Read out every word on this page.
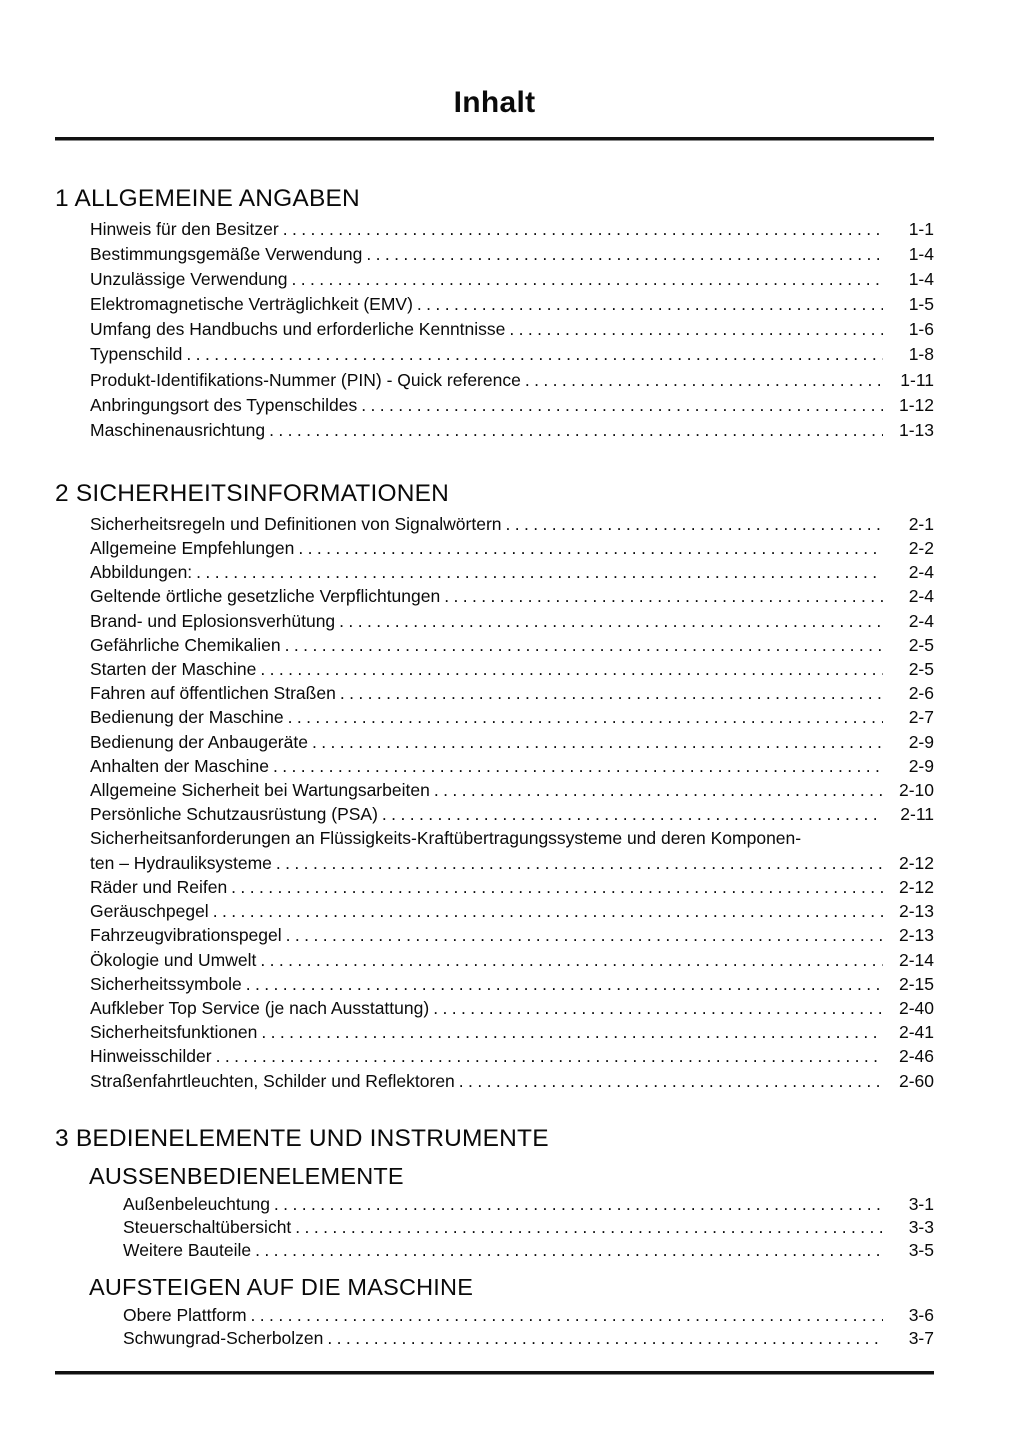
Inhalt
1 ALLGEMEINE ANGABEN
Hinweis für den Besitzer .....	1-1
Bestimmungsgemäße Verwendung .....	1-4
Unzulässige Verwendung .....	1-4
Elektromagnetische Verträglichkeit (EMV) .....	1-5
Umfang des Handbuchs und erforderliche Kenntnisse .....	1-6
Typenschild .....	1-8
Produkt-Identifikations-Nummer (PIN) - Quick reference .....	1-11
Anbringungsort des Typenschildes .....	1-12
Maschinenausrichtung .....	1-13
2 SICHERHEITSINFORMATIONEN
Sicherheitsregeln und Definitionen von Signalwörtern .....	2-1
Allgemeine Empfehlungen .....	2-2
Abbildungen: .....	2-4
Geltende örtliche gesetzliche Verpflichtungen .....	2-4
Brand- und Eplosionsverhütung .....	2-4
Gefährliche Chemikalien .....	2-5
Starten der Maschine .....	2-5
Fahren auf öffentlichen Straßen .....	2-6
Bedienung der Maschine .....	2-7
Bedienung der Anbaugeräte .....	2-9
Anhalten der Maschine .....	2-9
Allgemeine Sicherheit bei Wartungsarbeiten .....	2-10
Persönliche Schutzausrüstung (PSA) .....	2-11
Sicherheitsanforderungen an Flüssigkeits-Kraftübertragungssysteme und deren Komponen-
ten – Hydrauliksysteme .....	2-12
Räder und Reifen .....	2-12
Geräuschpegel .....	2-13
Fahrzeugvibrationspegel .....	2-13
Ökologie und Umwelt .....	2-14
Sicherheitssymbole .....	2-15
Aufkleber Top Service (je nach Ausstattung) .....	2-40
Sicherheitsfunktionen .....	2-41
Hinweisschilder .....	2-46
Straßenfahrtleuchten, Schilder und Reflektoren .....	2-60
3 BEDIENELEMENTE UND INSTRUMENTE
AUSSENBEDIENELEMENTE
Außenbeleuchtung .....	3-1
Steuerschaltübersicht .....	3-3
Weitere Bauteile .....	3-5
AUFSTEIGEN AUF DIE MASCHINE
Obere Plattform .....	3-6
Schwungrad-Scherbolzen .....	3-7
